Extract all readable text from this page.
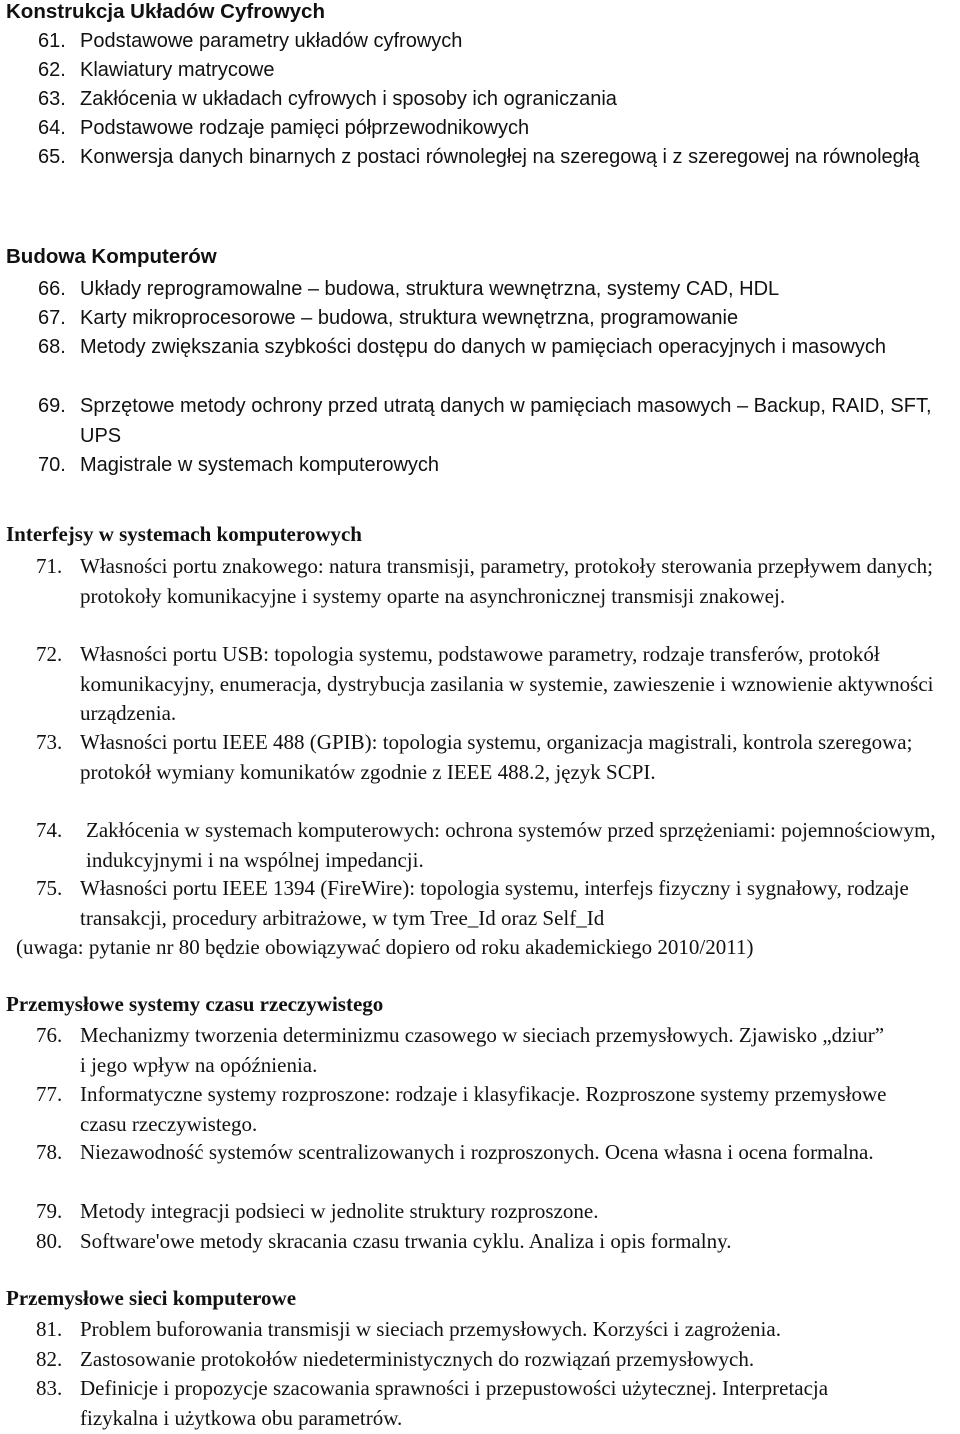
Konstrukcja Układów Cyfrowych
61. Podstawowe parametry układów cyfrowych
62. Klawiatury matrycowe
63. Zakłócenia w układach cyfrowych i sposoby ich ograniczania
64. Podstawowe rodzaje pamięci półprzewodnikowych
65. Konwersja danych binarnych z postaci równoległej na szeregową i z szeregowej na równoległą
Budowa Komputerów
66. Układy reprogramowalne – budowa, struktura wewnętrzna, systemy CAD, HDL
67. Karty mikroprocesorowe – budowa, struktura wewnętrzna, programowanie
68. Metody zwiększania szybkości dostępu do danych w pamięciach operacyjnych i masowych
69. Sprzętowe metody ochrony przed utratą danych w pamięciach masowych – Backup, RAID, SFT, UPS
70. Magistrale w systemach komputerowych
Interfejsy w systemach komputerowych
71. Własności portu znakowego: natura transmisji, parametry, protokoły sterowania przepływem danych; protokoły komunikacyjne i systemy oparte na asynchronicznej transmisji znakowej.
72. Własności portu USB: topologia systemu, podstawowe parametry, rodzaje transferów, protokół komunikacyjny, enumeracja, dystrybucja zasilania w systemie, zawieszenie i wznowienie aktywności urządzenia.
73. Własności portu IEEE 488 (GPIB): topologia systemu, organizacja magistrali, kontrola szeregowa; protokół wymiany komunikatów zgodnie z IEEE 488.2, język SCPI.
74.	Zakłócenia w systemach komputerowych: ochrona systemów przed sprzężeniami: pojemnościowym, indukcyjnymi i na wspólnej impedancji.
75. Własności portu IEEE 1394 (FireWire): topologia systemu, interfejs fizyczny i sygnałowy, rodzaje transakcji, procedury arbitrażowe, w tym Tree_Id oraz Self_Id
(uwaga: pytanie nr 80 będzie obowiązywać dopiero od roku akademickiego 2010/2011)
Przemysłowe systemy czasu rzeczywistego
76. Mechanizmy tworzenia determinizmu czasowego w sieciach przemysłowych. Zjawisko „dziur” i jego wpływ na opóźnienia.
77. Informatyczne systemy rozproszone: rodzaje i klasyfikacje. Rozproszone systemy przemysłowe czasu rzeczywistego.
78. Niezawodność systemów scentralizowanych i rozproszonych. Ocena własna i ocena formalna.
79. Metody integracji podsieci w jednolite struktury rozproszone.
80. Software'owe metody skracania czasu trwania cyklu. Analiza i opis formalny.
Przemysłowe sieci komputerowe
81. Problem buforowania transmisji w sieciach przemysłowych. Korzyści i zagrożenia.
82. Zastosowanie protokołów niedeterministycznych do rozwiązań przemysłowych.
83. Definicje i propozycje szacowania sprawności i przepustowości użytecznej. Interpretacja fizykalna i użytkowa obu parametrów.
